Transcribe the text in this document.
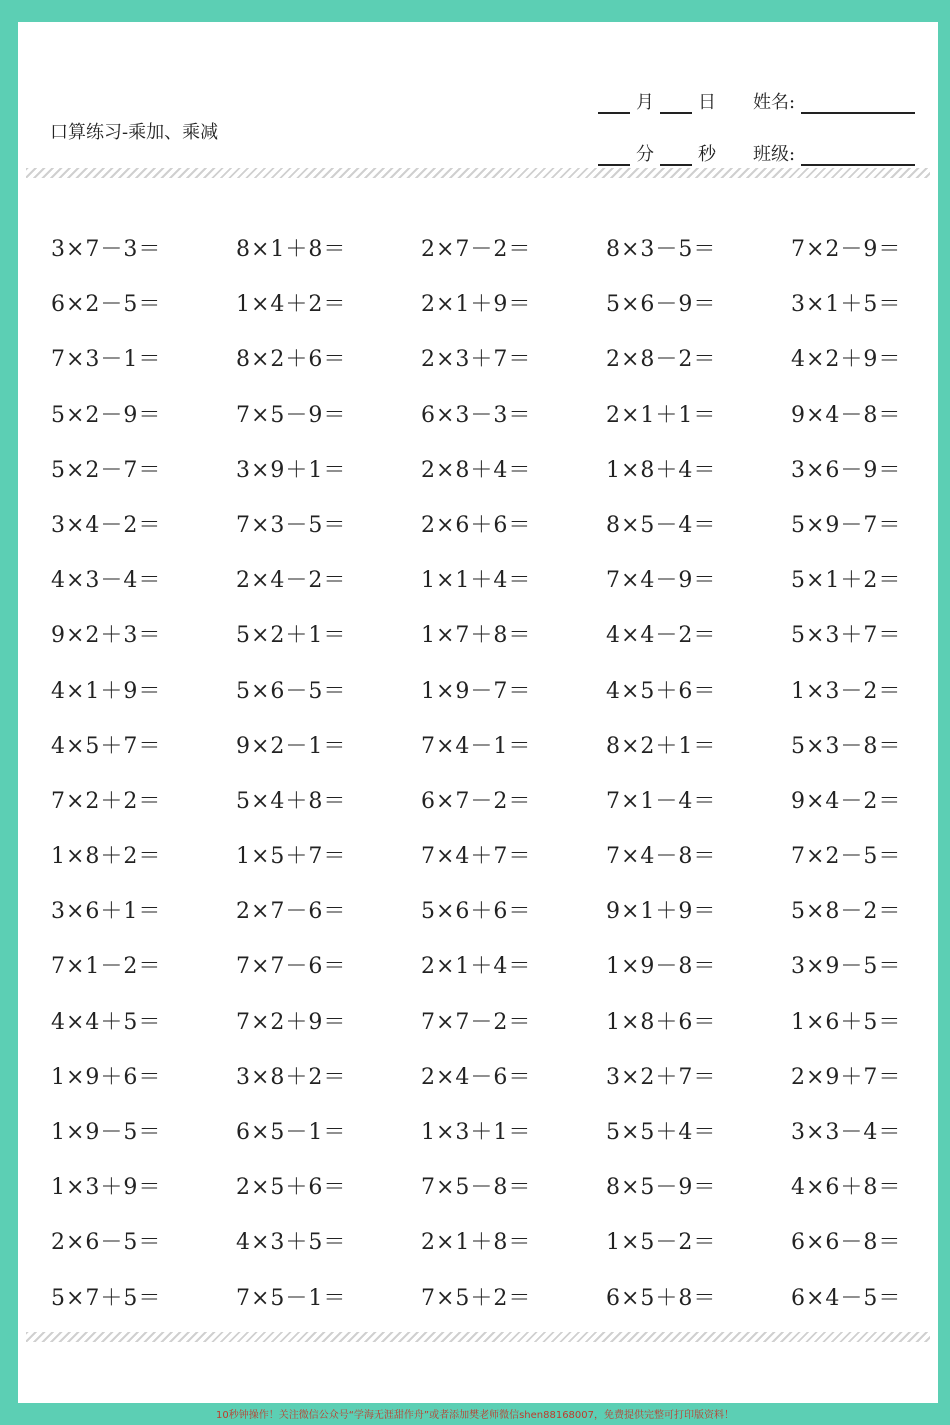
口算练习-乘加、乘减
月 日
分 秒
姓名:
班级:
3×7－3＝	8×1＋8＝	2×7－2＝	8×3－5＝	7×2－9＝
6×2－5＝	1×4＋2＝	2×1＋9＝	5×6－9＝	3×1＋5＝
7×3－1＝	8×2＋6＝	2×3＋7＝	2×8－2＝	4×2＋9＝
5×2－9＝	7×5－9＝	6×3－3＝	2×1＋1＝	9×4－8＝
5×2－7＝	3×9＋1＝	2×8＋4＝	1×8＋4＝	3×6－9＝
3×4－2＝	7×3－5＝	2×6＋6＝	8×5－4＝	5×9－7＝
4×3－4＝	2×4－2＝	1×1＋4＝	7×4－9＝	5×1＋2＝
9×2＋3＝	5×2＋1＝	1×7＋8＝	4×4－2＝	5×3＋7＝
4×1＋9＝	5×6－5＝	1×9－7＝	4×5＋6＝	1×3－2＝
4×5＋7＝	9×2－1＝	7×4－1＝	8×2＋1＝	5×3－8＝
7×2＋2＝	5×4＋8＝	6×7－2＝	7×1－4＝	9×4－2＝
1×8＋2＝	1×5＋7＝	7×4＋7＝	7×4－8＝	7×2－5＝
3×6＋1＝	2×7－6＝	5×6＋6＝	9×1＋9＝	5×8－2＝
7×1－2＝	7×7－6＝	2×1＋4＝	1×9－8＝	3×9－5＝
4×4＋5＝	7×2＋9＝	7×7－2＝	1×8＋6＝	1×6＋5＝
1×9＋6＝	3×8＋2＝	2×4－6＝	3×2＋7＝	2×9＋7＝
1×9－5＝	6×5－1＝	1×3＋1＝	5×5＋4＝	3×3－4＝
1×3＋9＝	2×5＋6＝	7×5－8＝	8×5－9＝	4×6＋8＝
2×6－5＝	4×3＋5＝	2×1＋8＝	1×5－2＝	6×6－8＝
5×7＋5＝	7×5－1＝	7×5＋2＝	6×5＋8＝	6×4－5＝
10秒钟操作！关注微信公众号“学海无涯甜作舟”或者添加樊老师微信shen88168007，免费提供完整可打印版资料！
